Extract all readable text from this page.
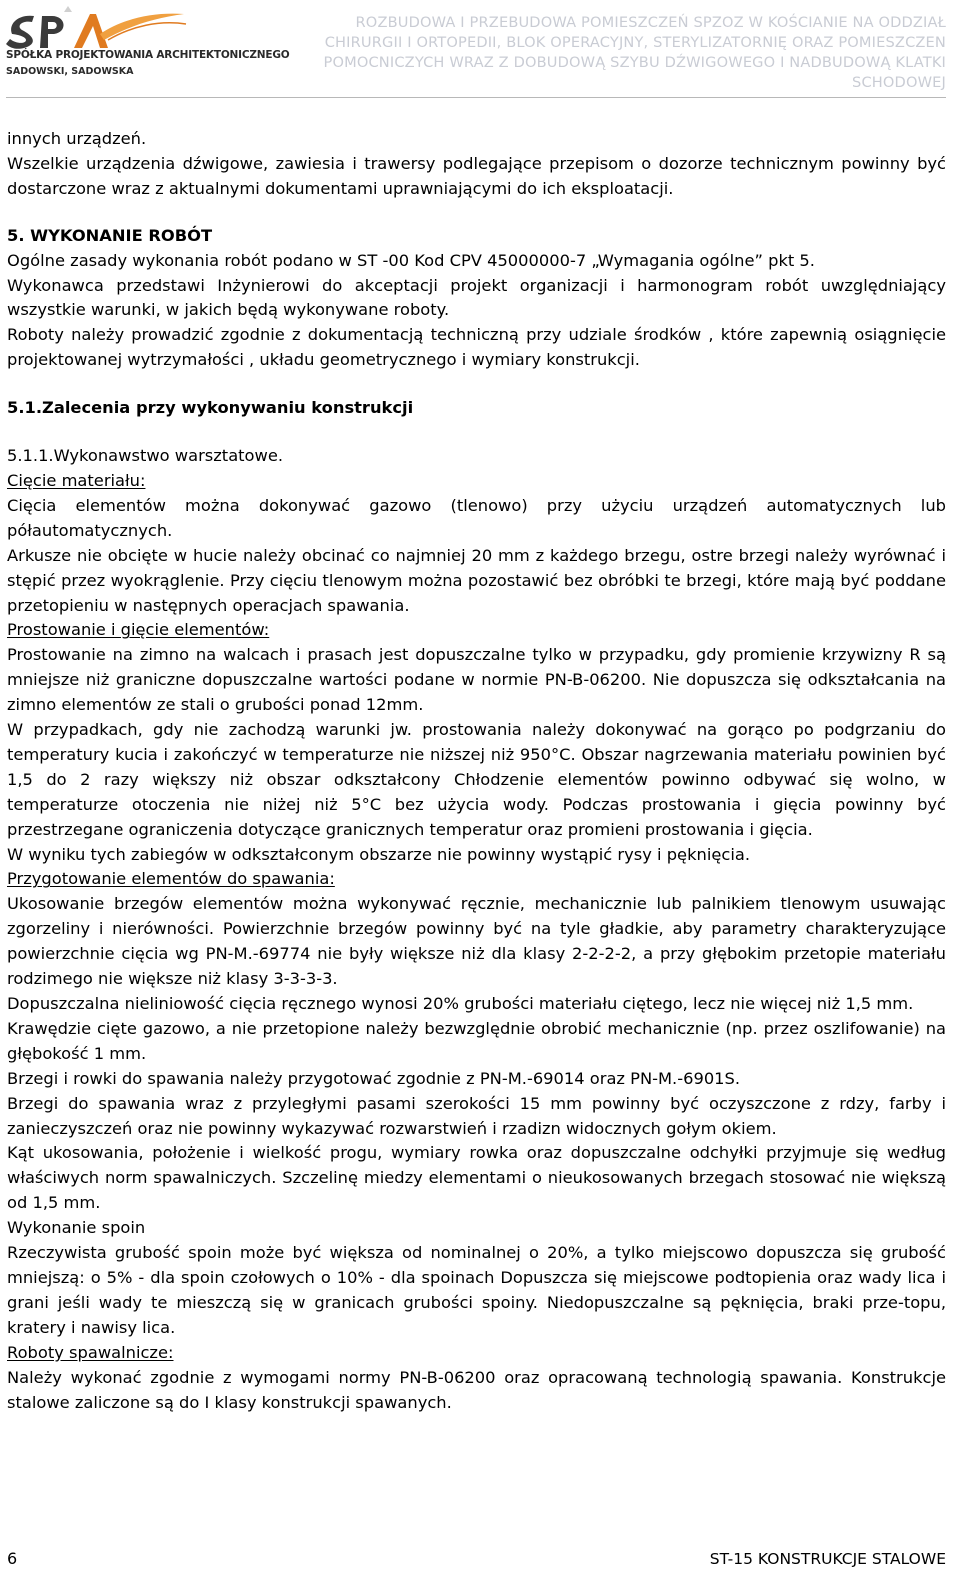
SPÓŁKA PROJEKTOWANIA ARCHITEKTONICZNEGO
SADOWSKI, SADOWSKA
ROZBUDOWA I PRZEBUDOWA POMIESZCZEŃ SPZOZ W KOŚCIANIE NA ODDZIAŁ
CHIRURGII I ORTOPEDII, BLOK OPERACYJNY, STERYLIZATORNIĘ ORAZ POMIESZCZEN
POMOCNICZYCH WRAZ Z DOBUDOWĄ SZYBU DŹWIGOWEGO I NADBUDOWĄ KLATKI SCHODOWEJ

innych urządzeń.

Wszelkie urządzenia dźwigowe, zawiesia i trawersy podlegające przepisom o dozorze technicznym powinny być dostarczone wraz z aktualnymi dokumentami uprawniającymi do ich eksploatacji.

5. WYKONANIE ROBÓT

Ogólne zasady wykonania robót podano w ST -00 Kod CPV 45000000-7 „Wymagania ogólne” pkt 5.

Wykonawca przedstawi Inżynierowi do akceptacji projekt organizacji i harmonogram robót uwzględniający wszystkie warunki, w jakich będą wykonywane roboty.

Roboty należy prowadzić zgodnie z dokumentacją techniczną przy udziale środków , które zapewnią osiągnięcie projektowanej wytrzymałości , układu geometrycznego i wymiary konstrukcji.

5.1.Zalecenia przy wykonywaniu konstrukcji

5.1.1.Wykonawstwo warsztatowe.

Cięcie materiału:

Cięcia elementów można dokonywać gazowo (tlenowo) przy użyciu urządzeń automatycznych lub półautomatycznych.

Arkusze nie obcięte w hucie należy obcinać co najmniej 20 mm z każdego brzegu, ostre brzegi należy wyrównać i stępić przez wyokrąglenie. Przy cięciu tlenowym można pozostawić bez obróbki te brzegi, które mają być poddane przetopieniu w następnych operacjach spawania.

Prostowanie i gięcie elementów:

Prostowanie na zimno na walcach i prasach jest dopuszczalne tylko w przypadku, gdy promienie krzywizny R są mniejsze niż graniczne dopuszczalne wartości podane w normie PN-B-06200. Nie dopuszcza się odkształcania na zimno elementów ze stali o grubości ponad 12mm.

W przypadkach, gdy nie zachodzą warunki jw. prostowania należy dokonywać na gorąco po podgrzaniu do temperatury kucia i zakończyć w temperaturze nie niższej niż 950°C. Obszar nagrzewania materiału powinien być 1,5 do 2 razy większy niż obszar odkształcony Chłodzenie elementów powinno odbywać się wolno, w temperaturze otoczenia nie niżej niż 5°C bez użycia wody. Podczas prostowania i gięcia powinny być przestrzegane ograniczenia dotyczące granicznych temperatur oraz promieni prostowania i gięcia.

W wyniku tych zabiegów w odkształconym obszarze nie powinny wystąpić rysy i pęknięcia.

Przygotowanie elementów do spawania:

Ukosowanie brzegów elementów można wykonywać ręcznie, mechanicznie lub palnikiem tlenowym usuwając zgorzeliny i nierówności. Powierzchnie brzegów powinny być na tyle gładkie, aby parametry charakteryzujące powierzchnie cięcia wg PN-M.-69774 nie były większe niż dla klasy 2-2-2-2, a przy głębokim przetopie materiału rodzimego nie większe niż klasy 3-3-3-3.

Dopuszczalna nieliniowość cięcia ręcznego wynosi 20% grubości materiału ciętego, lecz nie więcej niż 1,5 mm.

Krawędzie cięte gazowo, a nie przetopione należy bezwzględnie obrobić mechanicznie (np. przez oszlifowanie) na głębokość 1 mm.

Brzegi i rowki do spawania należy przygotować zgodnie z PN-M.-69014 oraz PN-M.-6901S.

Brzegi do spawania wraz z przyległymi pasami szerokości 15 mm powinny być oczyszczone z rdzy, farby i zanieczyszczeń oraz nie powinny wykazywać rozwarstwień i rzadizn widocznych gołym okiem.

Kąt ukosowania, położenie i wielkość progu, wymiary rowka oraz dopuszczalne odchyłki przyjmuje się według właściwych norm spawalniczych. Szczelinę miedzy elementami o nieukosowanych brzegach stosować nie większą od 1,5 mm.

Wykonanie spoin

Rzeczywista grubość spoin może być większa od nominalnej o 20%, a tylko miejscowo dopuszcza się grubość mniejszą: o 5% - dla spoin czołowych o 10% - dla spoinach Dopuszcza się miejscowe podtopienia oraz wady lica i grani jeśli wady te mieszczą się w granicach grubości spoiny. Niedopuszczalne są pęknięcia, braki prze-topu, kratery i nawisy lica.

Roboty spawalnicze:

Należy wykonać zgodnie z wymogami normy PN-B-06200 oraz opracowaną technologią spawania. Konstrukcje stalowe zaliczone są do I klasy konstrukcji spawanych.

6	ST-15 KONSTRUKCJE STALOWE
